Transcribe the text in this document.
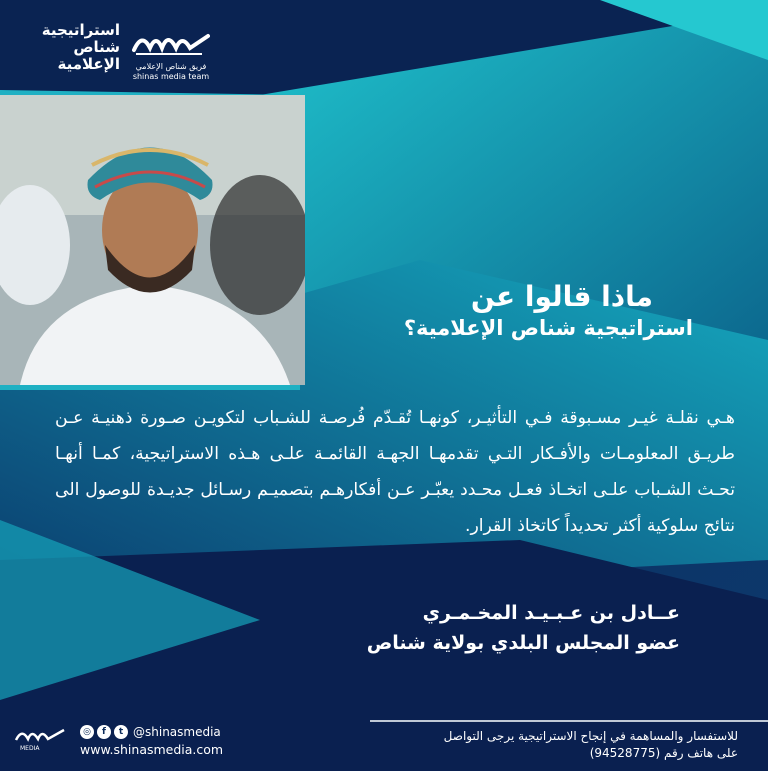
استراتيجية شناص الإعلامية	فريق شناص الإعلامي
shinas media team
ماذا قالوا عن
استراتيجية شناص الإعلامية؟
هـي نقلـة غيـر مسـبوقة فـي التأثيـر، كونهـا تُقـدّم فُرصـة للشـباب لتكويـن صـورة ذهنيـة عـن طريـق المعلومـات والأفـكار التـي تقدمهـا الجهـة القائمـة علـى هـذه الاستراتيجية، كمـا أنهـا تحـث الشـباب علـى اتخـاذ فعـل محـدد يعبّـر عـن أفكارهـم بتصميـم رسـائل جديـدة للوصول الى نتائج سلوكية أكثر تحديداً كاتخاذ القرار.
عــادل بن عـبـيـد المخـمـري
عضو المجلس البلدي بولاية شناص
MEDIA
◎	f	t @shinasmedia
www.shinasmedia.com
للاستفسار والمساهمة في إنجاح الاستراتيجية يرجى التواصل
على هاتف رقم (94528775)
